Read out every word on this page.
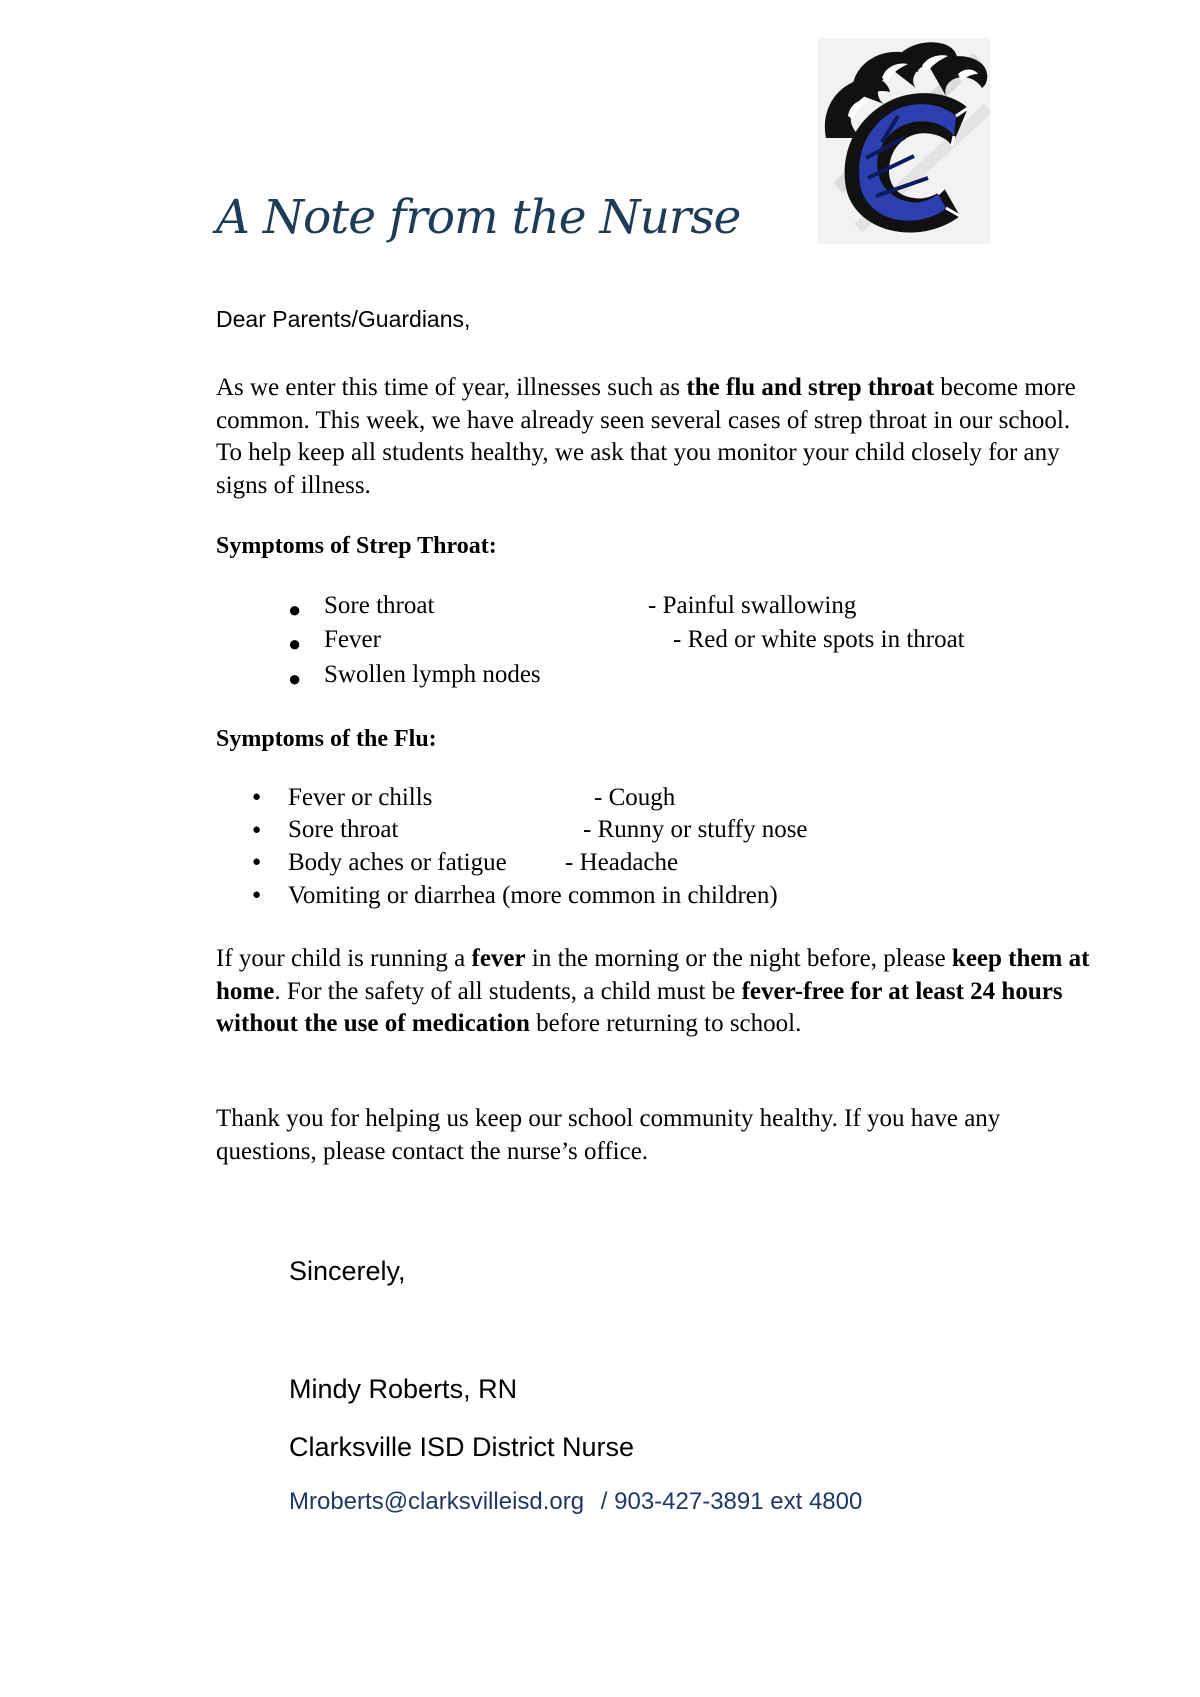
A Note from the Nurse
Dear Parents/Guardians,
As we enter this time of year, illnesses such as the flu and strep throat become more common. This week, we have already seen several cases of strep throat in our school. To help keep all students healthy, we ask that you monitor your child closely for any signs of illness.
Symptoms of Strep Throat:
● Sore throat	- Painful swallowing
● Fever	- Red or white spots in throat
● Swollen lymph nodes
Symptoms of the Flu:
● Fever or chills	- Cough
● Sore throat	- Runny or stuffy nose
● Body aches or fatigue - Headache
● Vomiting or diarrhea (more common in children)
If your child is running a fever in the morning or the night before, please keep them at home. For the safety of all students, a child must be fever-free for at least 24 hours without the use of medication before returning to school.
Thank you for helping us keep our school community healthy. If you have any questions, please contact the nurse’s office.
Sincerely,
Mindy Roberts, RN
Clarksville ISD District Nurse
Mroberts@clarksvilleisd.org / 903-427-3891 ext 4800
